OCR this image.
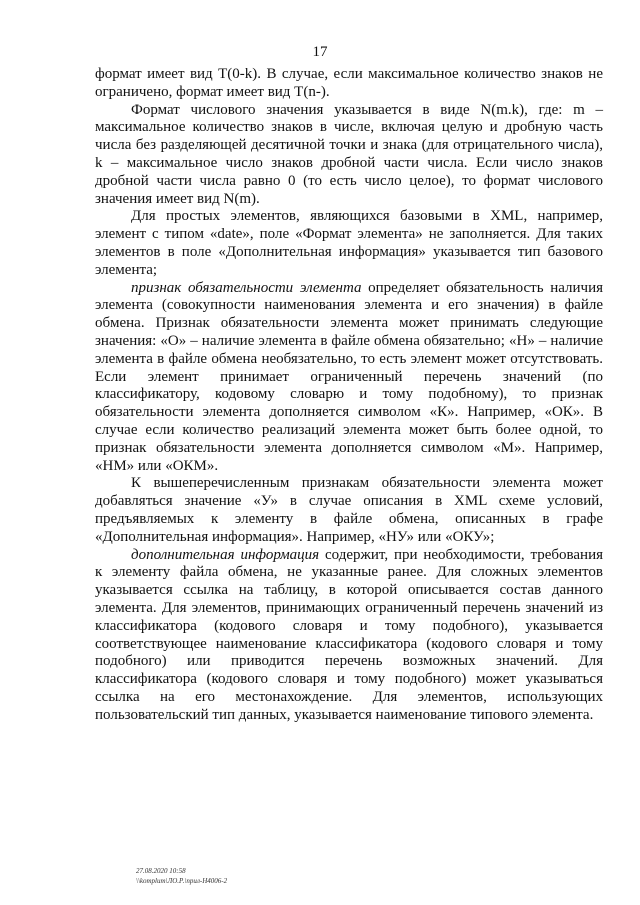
17

формат имеет вид T(0-k). В случае, если максимальное количество знаков не ограничено, формат имеет вид T(n-).

Формат числового значения указывается в виде N(m.k), где: m – максимальное количество знаков в числе, включая целую и дробную часть числа без разделяющей десятичной точки и знака (для отрицательного числа), k – максимальное число знаков дробной части числа. Если число знаков дробной части числа равно 0 (то есть число целое), то формат числового значения имеет вид N(m).

Для простых элементов, являющихся базовыми в XML, например, элемент с типом «date», поле «Формат элемента» не заполняется. Для таких элементов в поле «Дополнительная информация» указывается тип базового элемента;

признак обязательности элемента определяет обязательность наличия элемента (совокупности наименования элемента и его значения) в файле обмена. Признак обязательности элемента может принимать следующие значения: «О» – наличие элемента в файле обмена обязательно; «Н» – наличие элемента в файле обмена необязательно, то есть элемент может отсутствовать. Если элемент принимает ограниченный перечень значений (по классификатору, кодовому словарю и тому подобному), то признак обязательности элемента дополняется символом «К». Например, «ОК». В случае если количество реализаций элемента может быть более одной, то признак обязательности элемента дополняется символом «М». Например, «НМ» или «ОКМ».

К вышеперечисленным признакам обязательности элемента может добавляться значение «У» в случае описания в XML схеме условий, предъявляемых к элементу в файле обмена, описанных в графе «Дополнительная информация». Например, «НУ» или «ОКУ»;

дополнительная информация содержит, при необходимости, требования к элементу файла обмена, не указанные ранее. Для сложных элементов указывается ссылка на таблицу, в которой описывается состав данного элемента. Для элементов, принимающих ограниченный перечень значений из классификатора (кодового словаря и тому подобного), указывается соответствующее наименование классификатора (кодового словаря и тому подобного) или приводится перечень возможных значений. Для классификатора (кодового словаря и тому подобного) может указываться ссылка на его местонахождение. Для элементов, использующих пользовательский тип данных, указывается наименование типового элемента.

27.08.2020 10:58
\\komplum\ЛО.Р.\прил-Н4006-2
